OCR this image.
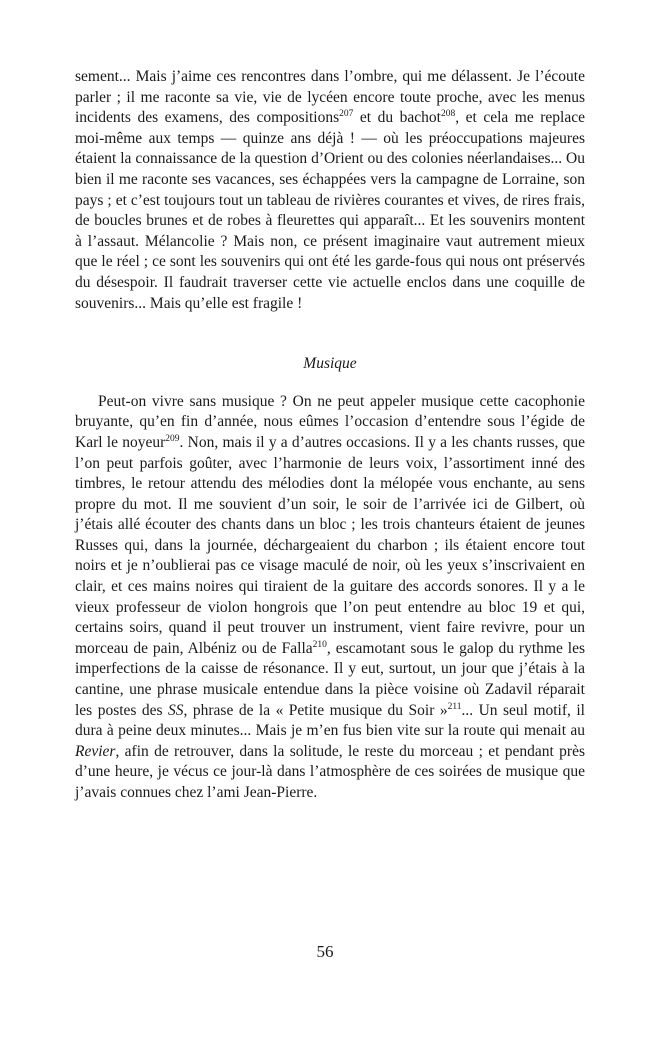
sement... Mais j’aime ces rencontres dans l’ombre, qui me délassent. Je l’écoute parler ; il me raconte sa vie, vie de lycéen encore toute proche, avec les menus incidents des examens, des compositions$^{207}$ et du bachot$^{208}$, et cela me replace moi-même aux temps — quinze ans déjà ! — où les préoccupations majeures étaient la connaissance de la question d’Orient ou des colonies néerlandaises... Ou bien il me raconte ses vacances, ses échappées vers la campagne de Lorraine, son pays ; et c’est toujours tout un tableau de rivières courantes et vives, de rires frais, de boucles brunes et de robes à fleurettes qui apparaît... Et les souvenirs montent à l’assaut. Mélancolie ? Mais non, ce présent imaginaire vaut autrement mieux que le réel ; ce sont les souvenirs qui ont été les garde-fous qui nous ont préservés du désespoir. Il faudrait traverser cette vie actuelle enclos dans une coquille de souvenirs... Mais qu’elle est fragile !

Musique

Peut-on vivre sans musique ? On ne peut appeler musique cette cacophonie bruyante, qu’en fin d’année, nous eûmes l’occasion d’entendre sous l’égide de Karl le noyeur$^{209}$. Non, mais il y a d’autres occasions. Il y a les chants russes, que l’on peut parfois goûter, avec l’harmonie de leurs voix, l’assortiment inné des timbres, le retour attendu des mélodies dont la mélopée vous enchante, au sens propre du mot. Il me souvient d’un soir, le soir de l’arrivée ici de Gilbert, où j’étais allé écouter des chants dans un bloc ; les trois chanteurs étaient de jeunes Russes qui, dans la journée, déchargeaient du charbon ; ils étaient encore tout noirs et je n’oublierai pas ce visage maculé de noir, où les yeux s’inscrivaient en clair, et ces mains noires qui tiraient de la guitare des accords sonores. Il y a le vieux professeur de violon hongrois que l’on peut entendre au bloc 19 et qui, certains soirs, quand il peut trouver un instrument, vient faire revivre, pour un morceau de pain, Albéniz ou de Falla$^{210}$, escamotant sous le galop du rythme les imperfections de la caisse de résonance. Il y eut, surtout, un jour que j’étais à la cantine, une phrase musicale entendue dans la pièce voisine où Zadavil réparait les postes des SS, phrase de la « Petite musique du Soir »$^{211}$... Un seul motif, il dura à peine deux minutes... Mais je m’en fus bien vite sur la route qui menait au Revier, afin de retrouver, dans la solitude, le reste du morceau ; et pendant près d’une heure, je vécus ce jour-là dans l’atmosphère de ces soirées de musique que j’avais connues chez l’ami Jean-Pierre.

56
